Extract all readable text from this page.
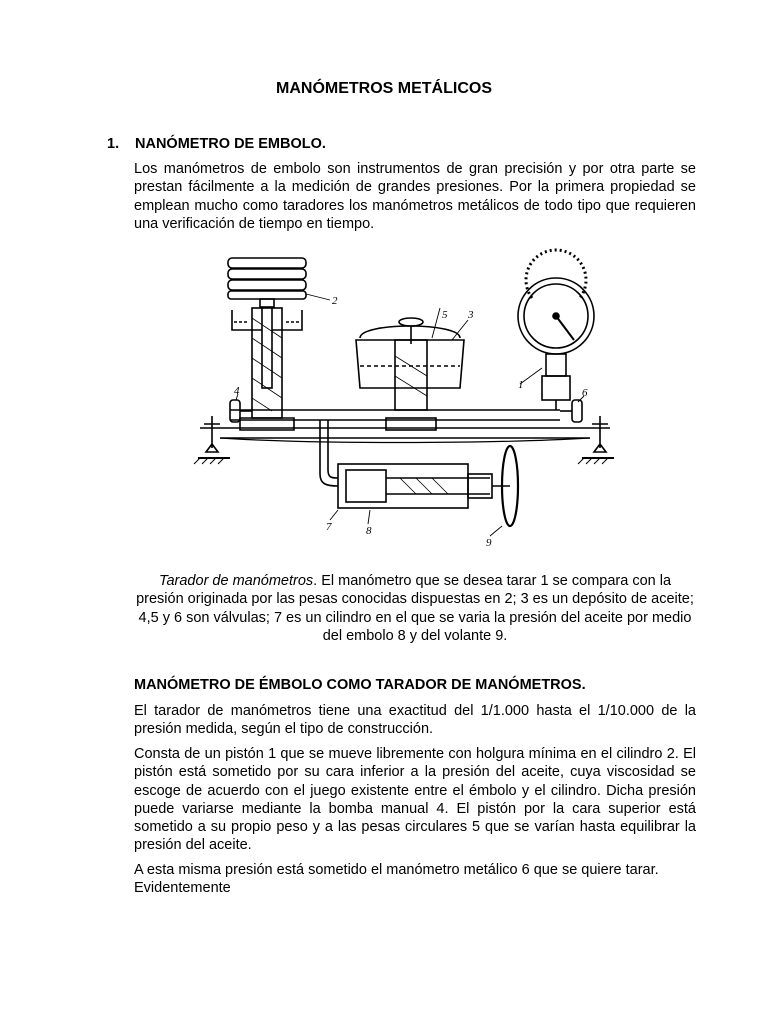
MANÓMETROS METÁLICOS
1. NANÓMETRO DE EMBOLO.

Los manómetros de embolo son instrumentos de gran precisión y por otra parte se prestan fácilmente a la medición de grandes presiones. Por la primera propiedad se emplean mucho como taradores los manómetros metálicos de todo tipo que requieren una verificación de tiempo en tiempo.

1
2
3
4
5
6
7	8
9

Tarador de manómetros. El manómetro que se desea tarar 1 se compara con la presión originada por las pesas conocidas dispuestas en 2; 3 es un depósito de aceite; 4,5 y 6 son válvulas; 7 es un cilindro en el que se varia la presión del aceite por medio del embolo 8 y del volante 9.

MANÓMETRO DE ÉMBOLO COMO TARADOR DE MANÓMETROS.

El tarador de manómetros tiene una exactitud del 1/1.000 hasta el 1/10.000 de la presión medida, según el tipo de construcción.

Consta de un pistón 1 que se mueve libremente con holgura mínima en el cilindro 2. El pistón está sometido por su cara inferior a la presión del aceite, cuya viscosidad se escoge de acuerdo con el juego existente entre el émbolo y el cilindro. Dicha presión puede variarse mediante la bomba manual 4. El pistón por la cara superior está sometido a su propio peso y a las pesas circulares 5 que se varían hasta equilibrar la presión del aceite.

A esta misma presión está sometido el manómetro metálico 6 que se quiere tarar. Evidentemente
